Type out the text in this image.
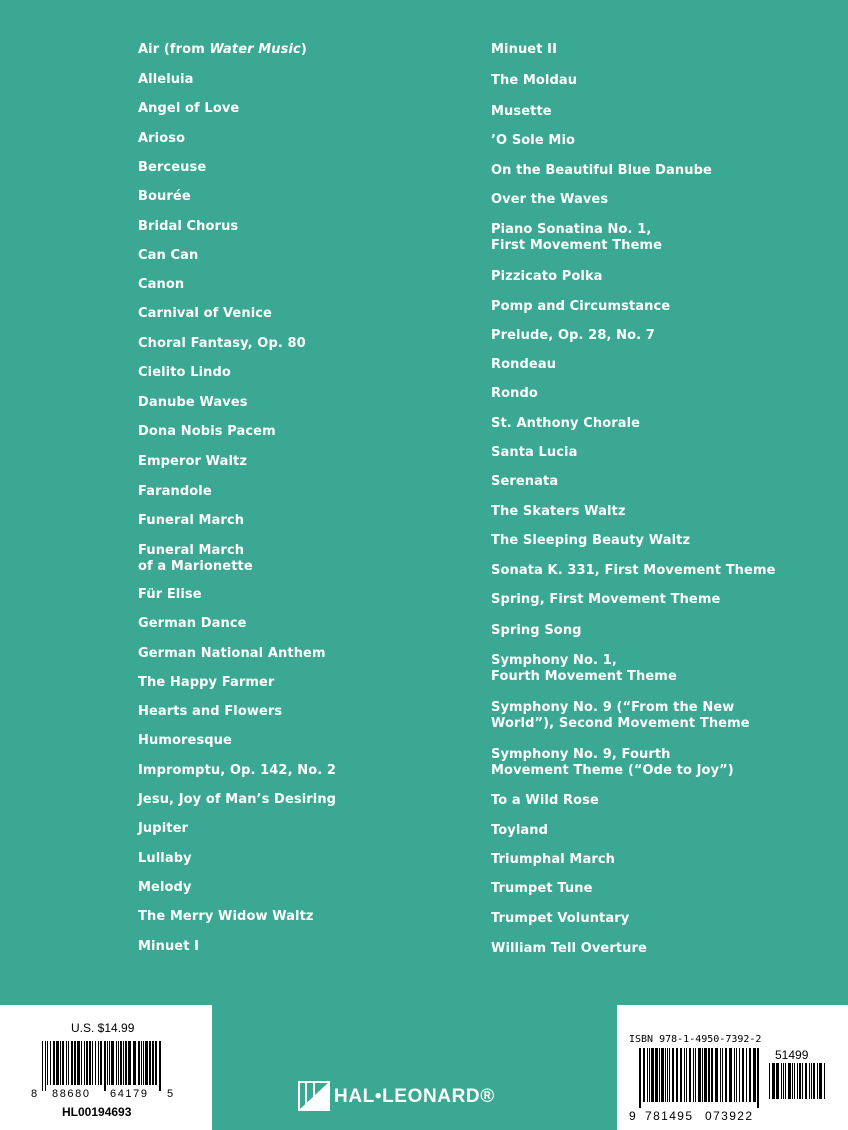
Air (from Water Music)
Alleluia
Angel of Love
Arioso
Berceuse
Bourée
Bridal Chorus
Can Can
Canon
Carnival of Venice
Choral Fantasy, Op. 80
Cielito Lindo
Danube Waves
Dona Nobis Pacem
Emperor Waltz
Farandole
Funeral March
Funeral March
of a Marionette
Für Elise
German Dance
German National Anthem
The Happy Farmer
Hearts and Flowers
Humoresque
Impromptu, Op. 142, No. 2
Jesu, Joy of Man’s Desiring
Jupiter
Lullaby
Melody
The Merry Widow Waltz
Minuet I
Minuet II
The Moldau
Musette
’O Sole Mio
On the Beautiful Blue Danube
Over the Waves
Piano Sonatina No. 1,
First Movement Theme
Pizzicato Polka
Pomp and Circumstance
Prelude, Op. 28, No. 7
Rondeau
Rondo
St. Anthony Chorale
Santa Lucia
Serenata
The Skaters Waltz
The Sleeping Beauty Waltz
Sonata K. 331, First Movement Theme
Spring, First Movement Theme
Spring Song
Symphony No. 1,
Fourth Movement Theme
Symphony No. 9 (“From the New
World”), Second Movement Theme
Symphony No. 9, Fourth
Movement Theme (“Ode to Joy”)
To a Wild Rose
Toyland
Triumphal March
Trumpet Tune
Trumpet Voluntary
William Tell Overture
U.S. $14.99
8 88680 64179 5
HL00194693
ISBN 978-1-4950-7392-2
51499
9 781495 073922
HAL•LEONARD®
